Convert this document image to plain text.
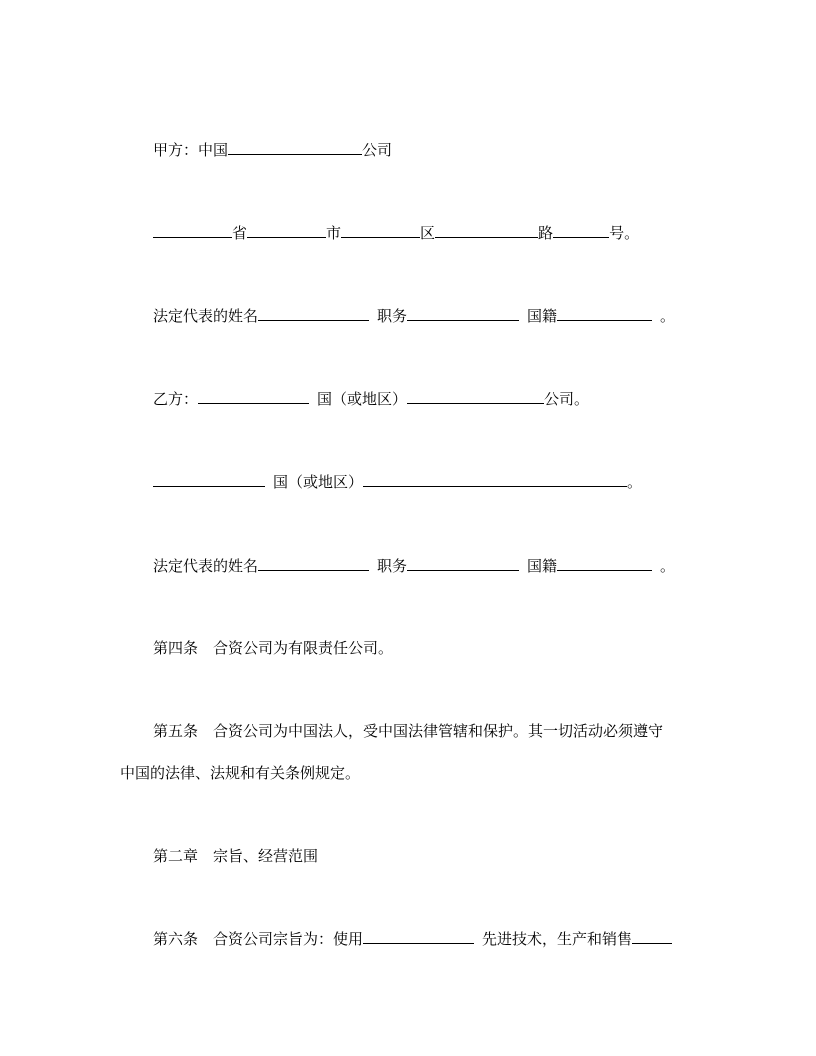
甲方：中国	公司
省	市	区	路	号。
法定代表的姓名	职务	国籍	。
乙方：	国（或地区）	公司。
国（或地区）	。
法定代表的姓名	职务	国籍	。
第四条 合资公司为有限责任公司。
第五条 合资公司为中国法人，受中国法律管辖和保护。其一切活动必须遵守
中国的法律、法规和有关条例规定。
第二章 宗旨、经营范围
第六条 合资公司宗旨为：使用	先进技术，生产和销售
